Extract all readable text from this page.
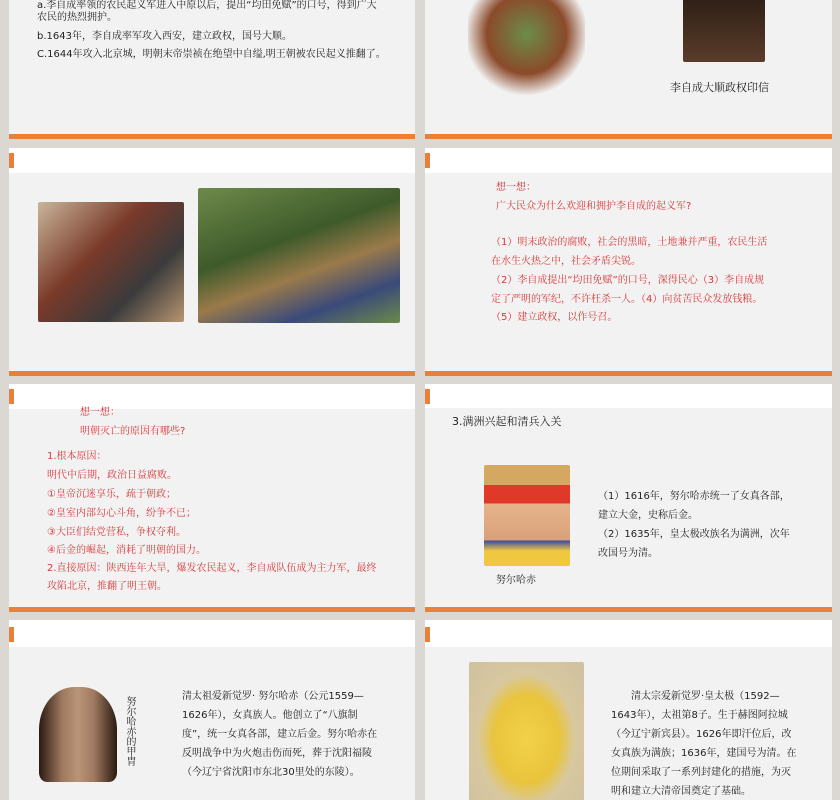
a.李自成率领的农民起义军进入中原以后，提出“均田免赋”的口号，得到广大
农民的热烈拥护。
b.1643年，李自成率军攻入西安，建立政权，国号大顺。
C.1644年攻入北京城，明朝末帝崇祯在绝望中自缢,明王朝被农民起义推翻了。
李自成大顺政权印信
想一想：
广大民众为什么欢迎和拥护李自成的起义军?
（1）明末政治的腐败，社会的黑暗，土地兼并严重，农民生活
在水生火热之中，社会矛盾尖锐。
（2）李自成提出“均田免赋”的口号，深得民心（3）李自成规
定了严明的军纪，不许枉杀一人。（4）向贫苦民众发放钱粮。
（5）建立政权，以作号召。
想一想：
明朝灭亡的原因有哪些?
1.根本原因：
明代中后期，政治日益腐败。
①皇帝沉迷享乐，疏于朝政；
②皇室内部勾心斗角，纷争不已；
③大臣们结党营私，争权夺利。
④后金的崛起，消耗了明朝的国力。
2.直接原因：陕西连年大旱，爆发农民起义，李自成队伍成为主力军，最终
攻陷北京，推翻了明王朝。
3.满洲兴起和清兵入关
努尔哈赤
（1）1616年，努尔哈赤统一了女真各部，
建立大金，史称后金。
（2）1635年，皇太极改族名为满洲，次年
改国号为清。
努尔哈赤的甲胄	清太祖爱新觉罗· 努尔哈赤（公元1559—
1626年），女真族人。他创立了“八旗制
度”，统一女真各部，建立后金。努尔哈赤在
反明战争中为火炮击伤而死，葬于沈阳福陵
（今辽宁省沈阳市东北30里处的东陵）。
　　清太宗爱新觉罗·皇太极（1592—
1643年），太祖第8子。生于赫图阿拉城
（今辽宁新宾县）。1626年即汗位后，改
女真族为满族；1636年，建国号为清。在
位期间采取了一系列封建化的措施，为灭
明和建立大清帝国奠定了基础。
